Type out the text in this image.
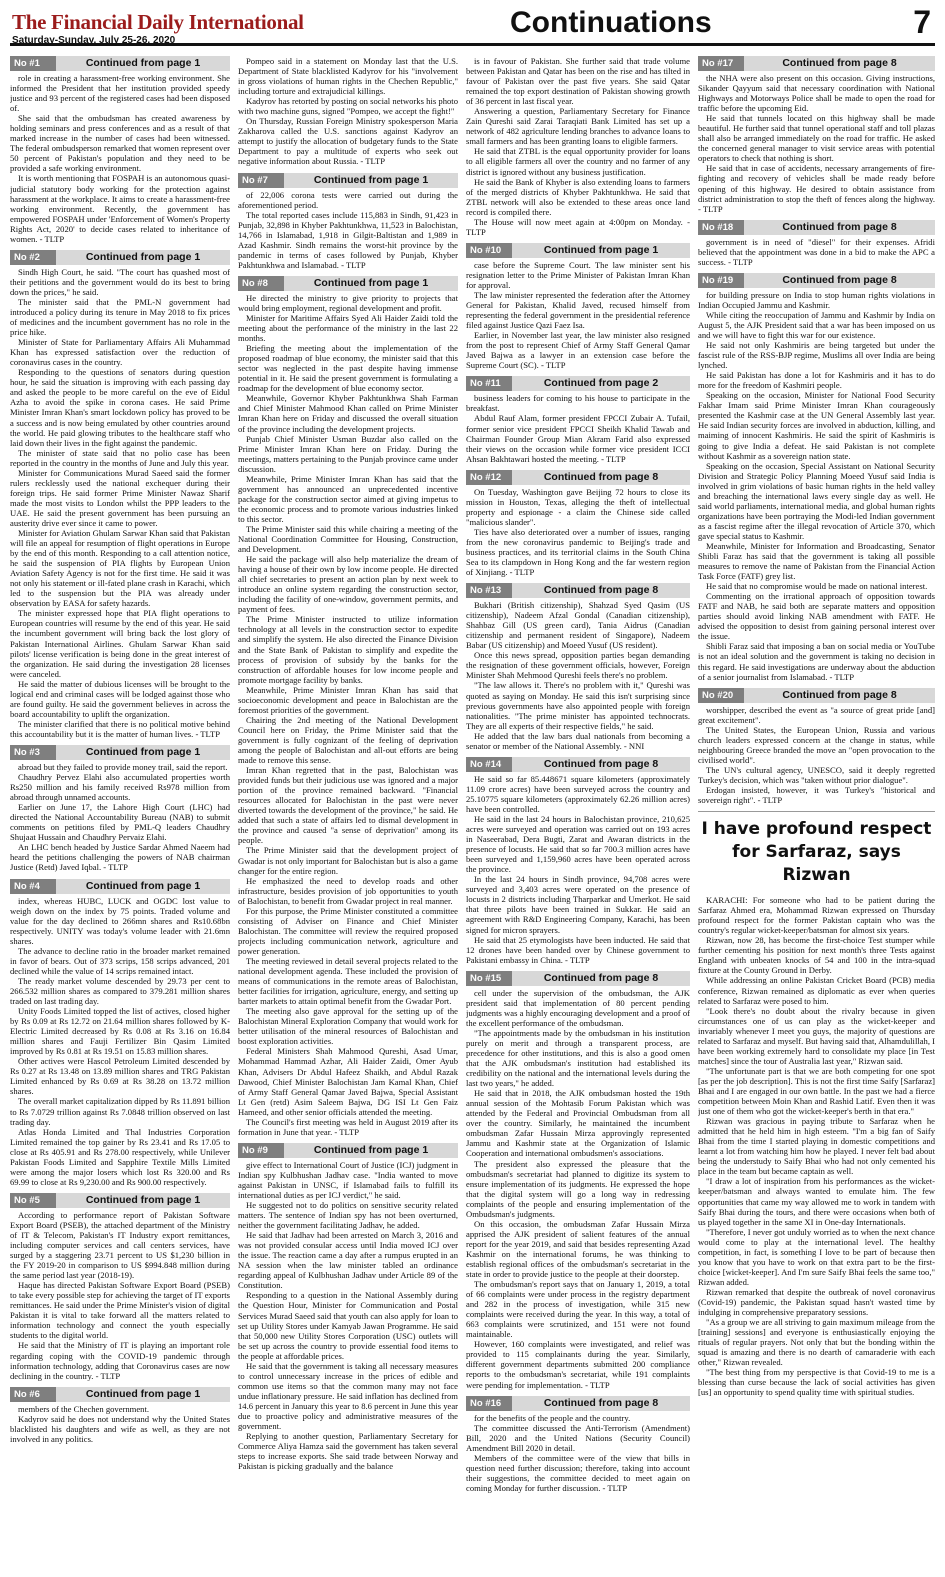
The Financial Daily International
Saturday-Sunday, July 25-26, 2020
Continuations	7
No #1	Continued from page 1

role in creating a harassment-free working environment. She informed the President that her institution provided speedy justice and 93 percent of the registered cases had been disposed of.

She said that the ombudsman has created awareness by holding seminars and press conferences and as a result of that marked increase in the number of cases had been witnessed. The federal ombudsperson remarked that women represent over 50 percent of Pakistan's population and they need to be provided a safe working environment.

It is worth mentioning that FOSPAH is an autonomous quasi-judicial statutory body working for the protection against harassment at the workplace. It aims to create a harassment-free working environment. Recently, the government has empowered FOSPAH under 'Enforcement of Women's Property Rights Act, 2020' to decide cases related to inheritance of women. - TLTP

No #2	Continued from page 1

Sindh High Court, he said. "The court has quashed most of their petitions and the government would do its best to bring down the prices," he said.

The minister said that the PML-N government had introduced a policy during its tenure in May 2018 to fix prices of medicines and the incumbent government has no role in the price hike.

Minister of State for Parliamentary Affairs Ali Muhammad Khan has expressed satisfaction over the reduction of coronavirus cases in the country.

Responding to the questions of senators during question hour, he said the situation is improving with each passing day and asked the people to be more careful on the eve of Eidul Azha to avoid the spike in corona cases. He said Prime Minister Imran Khan's smart lockdown policy has proved to be a success and is now being emulated by other countries around the world. He paid glowing tributes to the healthcare staff who laid down their lives in the fight against the pandemic.

The minister of state said that no polio case has been reported in the country in the months of June and July this year.

Minister for Communications Murad Saeed said the former rulers recklessly used the national exchequer during their foreign trips. He said former Prime Minister Nawaz Sharif made the most visits to London whilst the PPP leaders to the UAE. He said the present government has been pursuing an austerity drive ever since it came to power.

Minister for Aviation Ghulam Sarwar Khan said that Pakistan will file an appeal for resumption of flight operations in Europe by the end of this month. Responding to a call attention notice, he said the suspension of PIA flights by European Union Aviation Safety Agency is not for the first time. He said it was not only his statement or ill-fated plane crash in Karachi, which led to the suspension but the PIA was already under observation by EASA for safety hazards.

The minister expressed hope that PIA flight operations to European countries will resume by the end of this year. He said the incumbent government will bring back the lost glory of Pakistan International Airlines. Ghulam Sarwar Khan said pilots' license verification is being done in the great interest of the organization. He said during the investigation 28 licenses were canceled.

He said the matter of dubious licenses will be brought to the logical end and criminal cases will be lodged against those who are found guilty. He said the government believes in across the board accountability to uplift the organization.

The minister clarified that there is no political motive behind this accountability but it is the matter of human lives. - TLTP

No #3	Continued from page 1

abroad but they failed to provide money trail, said the report.

Chaudhry Pervez Elahi also accumulated properties worth Rs250 million and his family received Rs978 million from abroad through unnamed accounts.

Earlier on June 17, the Lahore High Court (LHC) had directed the National Accountability Bureau (NAB) to submit comments on petitions filed by PML-Q leaders Chaudhry Shujaat Hussain and Chaudhry Pervaiz Elahi.

An LHC bench headed by Justice Sardar Ahmed Naeem had heard the petitions challenging the powers of NAB chairman Justice (Retd) Javed Iqbal. - TLTP

No #4	Continued from page 1

index, whereas HUBC, LUCK and OGDC lost value to weigh down on the index by 75 points. Traded volume and value for the day declined to 266mn shares and Rs10.68bn respectively. UNITY was today's volume leader with 21.6mn shares.

The advance to decline ratio in the broader market remained in favor of bears. Out of 373 scrips, 158 scrips advanced, 201 declined while the value of 14 scrips remained intact.

The ready market volume descended by 29.73 per cent to 266.532 million shares as compared to 379.281 million shares traded on last trading day.

Unity Foods Limited topped the list of actives, closed higher by Rs 0.09 at Rs 12.72 on 21.64 million shares followed by K-Electric Limited decreased by Rs 0.08 at Rs 3.16 on 16.84 million shares and Fauji Fertilizer Bin Qasim Limited improved by Rs 0.81 at Rs 19.51 on 15.83 million shares.

Other actives were Hascol Petroleum Limited descended by Rs 0.27 at Rs 13.48 on 13.89 million shares and TRG Pakistan Limited enhanced by Rs 0.69 at Rs 38.28 on 13.72 million shares.

The overall market capitalization dipped by Rs 11.891 billion to Rs 7.0729 trillion against Rs 7.0848 trillion observed on last trading day.

Atlas Honda Limited and Thal Industries Corporation Limited remained the top gainer by Rs 23.41 and Rs 17.05 to close at Rs 405.91 and Rs 278.00 respectively, while Unilever Pakistan Foods Limited and Sapphire Textile Mills Limited were among the major losers which lost Rs 320.00 and Rs 69.99 to close at Rs 9,230.00 and Rs 900.00 respectively.

No #5	Continued from page 1

According to performance report of Pakistan Software Export Board (PSEB), the attached department of the Ministry of IT & Telecom, Pakistan's IT Industry export remittances, including computer services and call centers services, have surged by a staggering 23.71 percent to US $1,230 billion in the FY 2019-20 in comparison to US $994.848 million during the same period last year (2018-19).

Haque has directed Pakistan Software Export Board (PSEB) to take every possible step for achieving the target of IT exports remittances. He said under the Prime Minister's vision of digital Pakistan it is vital to take forward all the matters related to information technology and connect the youth especially students to the digital world.

He said that the Ministry of IT is playing an important role regarding coping with the COVID-19 pandemic through information technology, adding that Coronavirus cases are now declining in the country. - TLTP

No #6	Continued from page 1

members of the Chechen government.

Kadyrov said he does not understand why the United States blacklisted his daughters and wife as well, as they are not involved in any politics.

Pompeo said in a statement on Monday last that the U.S. Department of State blacklisted Kadyrov for his "involvement in gross violations of human rights in the Chechen Republic," including torture and extrajudicial killings.

Kadyrov has retorted by posting on social networks his photo with two machine guns, signed "Pompeo, we accept the fight!"

On Thursday, Russian Foreign Ministry spokesperson Maria Zakharova called the U.S. sanctions against Kadyrov an attempt to justify the allocation of budgetary funds to the State Department to pay a multitude of experts who seek out negative information about Russia. - TLTP

No #7	Continued from page 1

of 22,006 corona tests were carried out during the aforementioned period.

The total reported cases include 115,883 in Sindh, 91,423 in Punjab, 32,898 in Khyber Pakhtunkhwa, 11,523 in Balochistan, 14,766 in Islamabad, 1,918 in Gilgit-Baltistan and 1,989 in Azad Kashmir. Sindh remains the worst-hit province by the pandemic in terms of cases followed by Punjab, Khyber Pakhtunkhwa and Islamabad. - TLTP

No #8	Continued from page 1

He directed the ministry to give priority to projects that would bring employment, regional development and profit.

Minister for Maritime Affairs Syed Ali Haider Zaidi told the meeting about the performance of the ministry in the last 22 months.

Briefing the meeting about the implementation of the proposed roadmap of blue economy, the minister said that this sector was neglected in the past despite having immense potential in it. He said the present government is formulating a roadmap for the development of blue economy sector.

Meanwhile, Governor Khyber Pakhtunkhwa Shah Farman and Chief Minister Mahmood Khan called on Prime Minister Imran Khan here on Friday and discussed the overall situation of the province including the development projects.

Punjab Chief Minister Usman Buzdar also called on the Prime Minister Imran Khan here on Friday. During the meetings, matters pertaining to the Punjab province came under discussion.

Meanwhile, Prime Minister Imran Khan has said that the government has announced an unprecedented incentive package for the construction sector aimed at giving impetus to the economic process and to promote various industries linked to this sector.

The Prime Minister said this while chairing a meeting of the National Coordination Committee for Housing, Construction, and Development.

He said the package will also help materialize the dream of having a house of their own by low income people. He directed all chief secretaries to present an action plan by next week to introduce an online system regarding the construction sector, including the facility of one-window, government permits, and payment of fees.

The Prime Minister instructed to utilize information technology at all levels in the construction sector to expedite and simplify the system. He also directed the Finance Division and the State Bank of Pakistan to simplify and expedite the process of provision of subsidy by the banks for the construction of affordable houses for low income people and promote mortgage facility by banks.

Meanwhile, Prime Minister Imran Khan has said that socioeconomic development and peace in Balochistan are the foremost priorities of the government.

Chairing the 2nd meeting of the National Development Council here on Friday, the Prime Minister said that the government is fully cognizant of the feeling of deprivation among the people of Balochistan and all-out efforts are being made to remove this sense.

Imran Khan regretted that in the past, Balochistan was provided funds but their judicious use was ignored and a major portion of the province remained backward. "Financial resources allocated for Balochistan in the past were never diverted towards the development of the province," he said. He added that such a state of affairs led to dismal development in the province and caused "a sense of deprivation" among its people.

The Prime Minister said that the development project of Gwadar is not only important for Balochistan but is also a game changer for the entire region.

He emphasized the need to develop roads and other infrastructure, besides provision of job opportunities to youth of Balochistan, to benefit from Gwadar project in real manner.

For this purpose, the Prime Minister constituted a committee consisting of Adviser on Finance and Chief Minister Balochistan. The committee will review the required proposed projects including communication network, agriculture and power generation.

The meeting reviewed in detail several projects related to the national development agenda. These included the provision of means of communications in the remote areas of Balochistan, better facilities for irrigation, agriculture, energy, and setting up barter markets to attain optimal benefit from the Gwadar Port.

The meeting also gave approval for the setting up of the Balochistan Mineral Exploration Company that would work for better utilisation of the mineral resources of Balochistan and boost exploration activities.

Federal Ministers Shah Mahmood Qureshi, Asad Umar, Mohammad Hammad Azhar, Ali Haider Zaidi, Omer Ayub Khan, Advisers Dr Abdul Hafeez Shaikh, and Abdul Razak Dawood, Chief Minister Balochistan Jam Kamal Khan, Chief of Army Staff General Qamar Javed Bajwa, Special Assistant Lt Gen (retd) Asim Saleem Bajwa, DG ISI Lt Gen Faiz Hameed, and other senior officials attended the meeting.

The Council's first meeting was held in August 2019 after its formation in June that year. - TLTP

No #9	Continued from page 1

give effect to International Court of Justice (ICJ) judgment in Indian spy Kulbhushan Jadhav case. "India wanted to move against Pakistan in UNSC, if Islamabad fails to fulfill its international duties as per ICJ verdict," he said.

He suggested not to do politics on sensitive security related matters. The sentence of Indian spy has not been overturned, neither the government facilitating Jadhav, he added.

He said that Jadhav had been arrested on March 3, 2016 and was not provided consular access until India moved ICJ over the issue. The reaction came a day after a rumpus erupted in an NA session when the law minister tabled an ordinance regarding appeal of Kulbhushan Jadhav under Article 89 of the Constitution.

Responding to a question in the National Assembly during the Question Hour, Minister for Communication and Postal Services Murad Saeed said that youth can also apply for loan to set up Utility Stores under Kamyab Jawan Programme. He said that 50,000 new Utility Stores Corporation (USC) outlets will be set up across the country to provide essential food items to the people at affordable prices.

He said that the government is taking all necessary measures to control unnecessary increase in the prices of edible and common use items so that the common many may not face undue inflationary pressure. He said inflation has declined from 14.6 percent in January this year to 8.6 percent in June this year due to proactive policy and administrative measures of the government.

Replying to another question, Parliamentary Secretary for Commerce Aliya Hamza said the government has taken several steps to increase exports. She said trade between Norway and Pakistan is picking gradually and the balance

is in favour of Pakistan. She further said that trade volume between Pakistan and Qatar has been on the rise and has tilted in favour of Pakistan over the past five years. She said Qatar remained the top export destination of Pakistan showing growth of 36 percent in last fiscal year.

Answering a question, Parliamentary Secretary for Finance Zain Qureshi said Zarai Taraqiati Bank Limited has set up a network of 482 agriculture lending branches to advance loans to small farmers and has been granting loans to eligible farmers.

He said that ZTBL is the equal opportunity provider for loans to all eligible farmers all over the country and no farmer of any district is ignored without any business justification.

He said the Bank of Khyber is also extending loans to farmers of the merged districts of Khyber Pakhtunkhwa. He said that ZTBL network will also be extended to these areas once land record is compiled there.

The House will now meet again at 4:00pm on Monday. - TLTP

No #10	Continued from page 1

case before the Supreme Court. The law minister sent his resignation letter to the Prime Minister of Pakistan Imran Khan for approval.

The law minister represented the federation after the Attorney General for Pakistan, Khalid Javed, recused himself from representing the federal government in the presidential reference filed against Justice Qazi Faez Isa.

Earlier, in November last year, the law minister also resigned from the post to represent Chief of Army Staff General Qamar Javed Bajwa as a lawyer in an extension case before the Supreme Court (SC). - TLTP

No #11	Continued from page 2

business leaders for coming to his house to participate in the breakfast.

Abdul Rauf Alam, former president FPCCI Zubair A. Tufail, former senior vice president FPCCI Sheikh Khalid Tawab and Chairman Founder Group Mian Akram Farid also expressed their views on the occasion while former vice president ICCI Ahsan Bakhtawari hosted the meeting. - TLTP

No #12	Continued from page 8

On Tuesday, Washington gave Beijing 72 hours to close its mission in Houston, Texas, alleging the theft of intellectual property and espionage - a claim the Chinese side called "malicious slander".

Ties have also deteriorated over a number of issues, ranging from the new coronavirus pandemic to Beijing's trade and business practices, and its territorial claims in the South China Sea to its clampdown in Hong Kong and the far western region of Xinjiang. - TLTP

No #13	Continued from page 8

Bukhari (British citizenship), Shahzad Syed Qasim (US citizenship), Nadeem Afzal Gondal (Canadian citizenship), Shahbaz Gill (US green card), Tania Aidrus (Canadian citizenship and permanent resident of Singapore), Nadeem Babar (US citizenship) and Moeed Yusuf (US resident).

Once this news spread, opposition parties began demanding the resignation of these government officials, however, Foreign Minister Shah Mehmood Qureshi feels there's no problem.

"The law allows it. There's no problem with it," Qureshi was quoted as saying on Monday. He said this isn't surprising since previous governments have also appointed people with foreign nationalities. "The prime minister has appointed technocrats. They are all experts of their respective fields," he said.

He added that the law bars dual nationals from becoming a senator or member of the National Assembly. - NNI

No #14	Continued from page 8

He said so far 85.448671 square kilometers (approximately 11.09 crore acres) have been surveyed across the country and 25.10775 square kilometers (approximately 62.26 million acres) have been controlled.

He said in the last 24 hours in Balochistan province, 210,625 acres were surveyed and operation was carried out on 193 acres in Naseerabad, Dera Bugti, Zarat and Awaran districts in the presence of locusts. He said that so far 700.3 million acres have been surveyed and 1,159,960 acres have been operated across the province.

In the last 24 hours in Sindh province, 94,708 acres were surveyed and 3,403 acres were operated on the presence of locusts in 2 districts including Tharparkar and Umerkot. He said that three pilots have been trained in Sukkar. He said an agreement with R&D Engineering Company, Karachi, has been signed for micron sprayers.

He said that 25 etymologists have been inducted. He said that 12 drones have been handed over by Chinese government to Pakistani embassy in China. - TLTP

No #15	Continued from page 8

cell under the supervision of the ombudsman, the AJK president said that implementation of 80 percent pending judgments was a highly encouraging development and a proof of the excellent performance of the ombudsman.

"The appointments made by the ombudsman in his institution purely on merit and through a transparent process, are precedence for other institutions, and this is also a good omen that the AJK ombudsman's institution had established its credibility on the national and the international levels during the last two years," he added.

He said that in 2018, the AJK ombudsman hosted the 19th annual session of the Mohtasib Forum Pakistan which was attended by the Federal and Provincial Ombudsman from all over the country. Similarly, he maintained the incumbent ombudsman Zafar Hussain Mirza approvingly represented Jammu and Kashmir state at the Organization of Islamic Cooperation and international ombudsmen's associations.

The president also expressed the pleasure that the ombudsman's secretariat had planned to digitize its system to ensure implementation of its judgments. He expressed the hope that the digital system will go a long way in redressing complaints of the people and ensuring implementation of the Ombudsman's judgments.

On this occasion, the ombudsman Zafar Hussain Mirza apprised the AJK president of salient features of the annual report for the year 2019, and said that besides representing Azad Kashmir on the international forums, he was thinking to establish regional offices of the ombudsman's secretariat in the state in order to provide justice to the people at their doorstep.

The ombudsman's report says that on January 1, 2019, a total of 66 complaints were under process in the registry department and 282 in the process of investigation, while 315 new complaints were received during the year. In this way, a total of 663 complaints were scrutinized, and 151 were not found maintainable.

However, 160 complaints were investigated, and relief was provided to 115 complainants during the year. Similarly, different government departments submitted 200 compliance reports to the ombudsman's secretariat, while 191 complaints were pending for implementation. - TLTP

No #16	Continued from page 8

for the benefits of the people and the country.

The committee discussed the Anti-Terrorism (Amendment) Bill, 2020 and the United Nations (Security Council) Amendment Bill 2020 in detail.

Members of the committee were of the view that bills in question need further discussion; therefore, taking into account their suggestions, the committee decided to meet again on coming Monday for further discussion. - TLTP

No #17	Continued from page 8

the NHA were also present on this occasion. Giving instructions, Sikander Qayyum said that necessary coordination with National Highways and Motorways Police shall be made to open the road for traffic before the upcoming Eid.

He said that tunnels located on this highway shall be made beautiful. He further said that tunnel operational staff and toll plazas shall also be arranged immediately on the road for traffic. He asked the concerned general manager to visit service areas with potential operators to check that nothing is short.

He said that in case of accidents, necessary arrangements of fire-fighting and recovery of vehicles shall be made ready before opening of this highway. He desired to obtain assistance from district administration to stop the theft of fences along the highway. - TLTP

No #18	Continued from page 8

government is in need of "diesel" for their expenses. Afridi believed that the appointment was done in a bid to make the APC a success. - TLTP

No #19	Continued from page 8

for building pressure on India to stop human rights violations in Indian Occupied Jammu and Kashmir.

While citing the reoccupation of Jammu and Kashmir by India on August 5, the AJK President said that a war has been imposed on us and we will have to fight this war for our existence.

He said not only Kashmiris are being targeted but under the fascist rule of the RSS-BJP regime, Muslims all over India are being lynched.

He said Pakistan has done a lot for Kashmiris and it has to do more for the freedom of Kashmiri people.

Speaking on the occasion, Minister for National Food Security Fakhar Imam said Prime Minister Imran Khan courageously presented the Kashmir case at the UN General Assembly last year. He said Indian security forces are involved in abduction, killing, and maiming of innocent Kashmiris. He said the spirit of Kashmiris is going to give India a defeat. He said Pakistan is not complete without Kashmir as a sovereign nation state.

Speaking on the occasion, Special Assistant on National Security Division and Strategic Policy Planning Moeed Yusuf said India is involved in grim violations of basic human rights in the held valley and breaching the international laws every single day as well. He said world parliaments, international media, and global human rights organizations have been portraying the Modi-led Indian government as a fascist regime after the illegal revocation of Article 370, which gave special status to Kashmir.

Meanwhile, Minister for Information and Broadcasting, Senator Shibli Faraz has said that the government is taking all possible measures to remove the name of Pakistan from the Financial Action Task Force (FATF) grey list.

He said that no compromise would be made on national interest.

Commenting on the irrational approach of opposition towards FATF and NAB, he said both are separate matters and opposition parties should avoid linking NAB amendment with FATF. He advised the opposition to desist from gaining personal interest over the issue.

Shibli Faraz said that imposing a ban on social media or YouTube is not an ideal solution and the government is taking no decision in this regard. He said investigations are underway about the abduction of a senior journalist from Islamabad. - TLTP

No #20	Continued from page 8

worshipper, described the event as "a source of great pride [and] great excitement".

The United States, the European Union, Russia and various church leaders expressed concern at the change in status, while neighbouring Greece branded the move an "open provocation to the civilised world".

The UN's cultural agency, UNESCO, said it deeply regretted Turkey's decision, which was "taken without prior dialogue".

Erdogan insisted, however, it was Turkey's "historical and sovereign right". - TLTP

I have profound respect for Sarfaraz, says Rizwan

KARACHI: For someone who had to be patient during the Sarfaraz Ahmed era, Mohammad Rizwan expressed on Thursday profound respect for the former Pakistan captain who was the country's regular wicket-keeper/batsman for almost six years.

Rizwan, now 28, has become the first-choice Test stumper while further cementing his position for next month's three Tests against England with unbeaten knocks of 54 and 100 in the intra-squad fixture at the County Ground in Derby.

While addressing an online Pakistan Cricket Board (PCB) media conference, Rizwan remained as diplomatic as ever when queries related to Sarfaraz were posed to him.

"Look there's no doubt about the rivalry because in given circumstances one of us can play as the wicket-keeper and invariably whenever I meet you guys, the majority of questions are related to Sarfaraz and myself. But having said that, Alhamdulillah, I have been working extremely hard to consolidate my place [in Test matches] since the tour of Australia last year," Rizwan said.

"The unfortunate part is that we are both competing for one spot [as per the job description]. This is not the first time Saify [Sarfaraz] Bhai and I are engaged in our own battle. In the past we had a fierce competition between Moin Khan and Rashid Latif. Even then it was just one of them who got the wicket-keeper's berth in that era."

Rizwan was gracious in paying tribute to Sarfaraz when he admitted that he held him in high esteem. "I'm a big fan of Saify Bhai from the time I started playing in domestic competitions and learnt a lot from watching him how he played. I never felt bad about being the understudy to Saify Bhai who had not only cemented his place in the team but became captain as well.

"I draw a lot of inspiration from his performances as the wicket-keeper/batsman and always wanted to emulate him. The few opportunities that came my way allowed me to work in tandem with Saify Bhai during the tours, and there were occasions when both of us played together in the same XI in One-day Internationals.

"Therefore, I never got unduly worried as to when the next chance would come to play at the international level. The healthy competition, in fact, is something I love to be part of because then you know that you have to work on that extra part to be the first-choice [wicket-keeper]. And I'm sure Saify Bhai feels the same too," Rizwan added.

Rizwan remarked that despite the outbreak of novel coronavirus (Covid-19) pandemic, the Pakistan squad hasn't wasted time by indulging in comprehensive preparatory sessions.

"As a group we are all striving to gain maximum mileage from the [training] sessions] and everyone is enthusiastically enjoying the rituals of regular prayers. Not only that but the bonding within the squad is amazing and there is no dearth of camaraderie with each other," Rizwan revealed.

"The best thing from my perspective is that Covid-19 to me is a blessing than curse because the lack of social activities has given [us] an opportunity to spend quality time with spiritual studies.
